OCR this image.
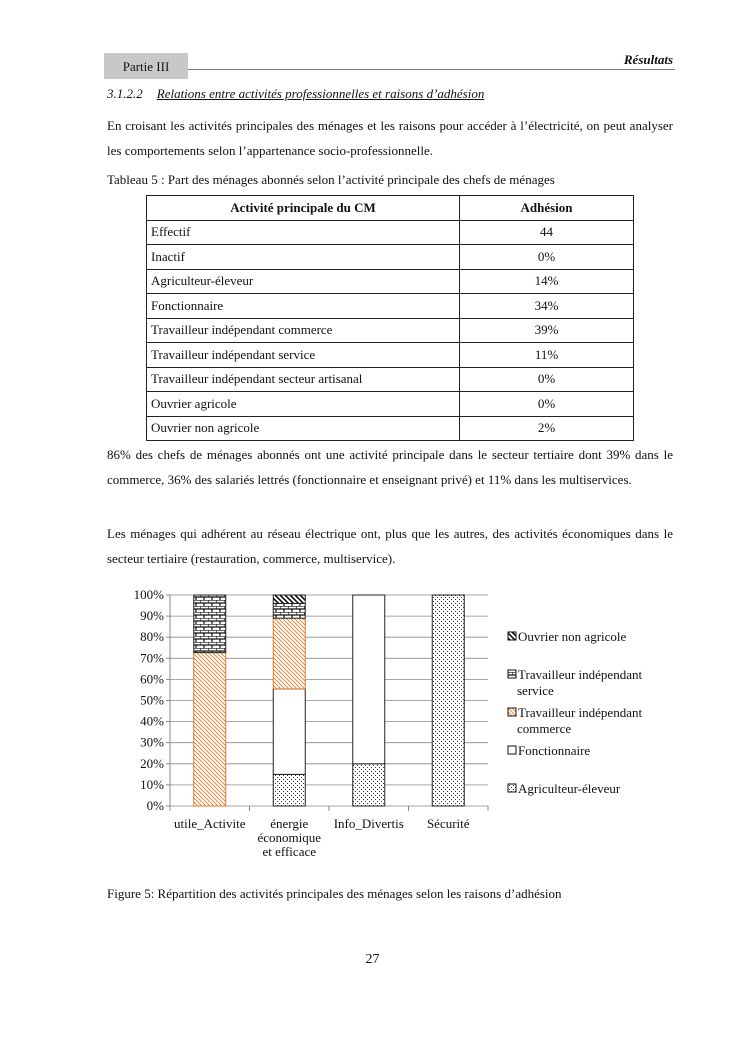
Partie III	Résultats
3.1.2.2 Relations entre activités professionnelles et raisons d’adhésion

En croisant les activités principales des ménages et les raisons pour accéder à l’électricité, on peut analyser les comportements selon l’appartenance socio-professionnelle.

Tableau 5 : Part des ménages abonnés selon l’activité principale des chefs de ménages
Activité principale du CM	Adhésion
Effectif	44
Inactif	0%
Agriculteur-éleveur	14%
Fonctionnaire	34%
Travailleur indépendant commerce	39%
Travailleur indépendant service	11%
Travailleur indépendant secteur artisanal	0%
Ouvrier agricole	0%
Ouvrier non agricole	2%

86% des chefs de ménages abonnés ont une activité principale dans le secteur tertiaire dont 39% dans le commerce, 36% des salariés lettrés (fonctionnaire et enseignant privé) et 11% dans les multiservices.

Les ménages qui adhérent au réseau électrique ont, plus que les autres, des activités économiques dans le secteur tertiaire (restauration, commerce, multiservice).

0%
10%
20%
30%
40%
50%
60%
70%
80%
90%
100%
utile_Activite énergie
économique
et efficace
Info_Divertis Sécurité
Ouvrier non agricole
Travailleur indépendant
service
Travailleur indépendant
commerce
Fonctionnaire
Agriculteur-éleveur
Figure 5: Répartition des activités principales des ménages selon les raisons d’adhésion
27
